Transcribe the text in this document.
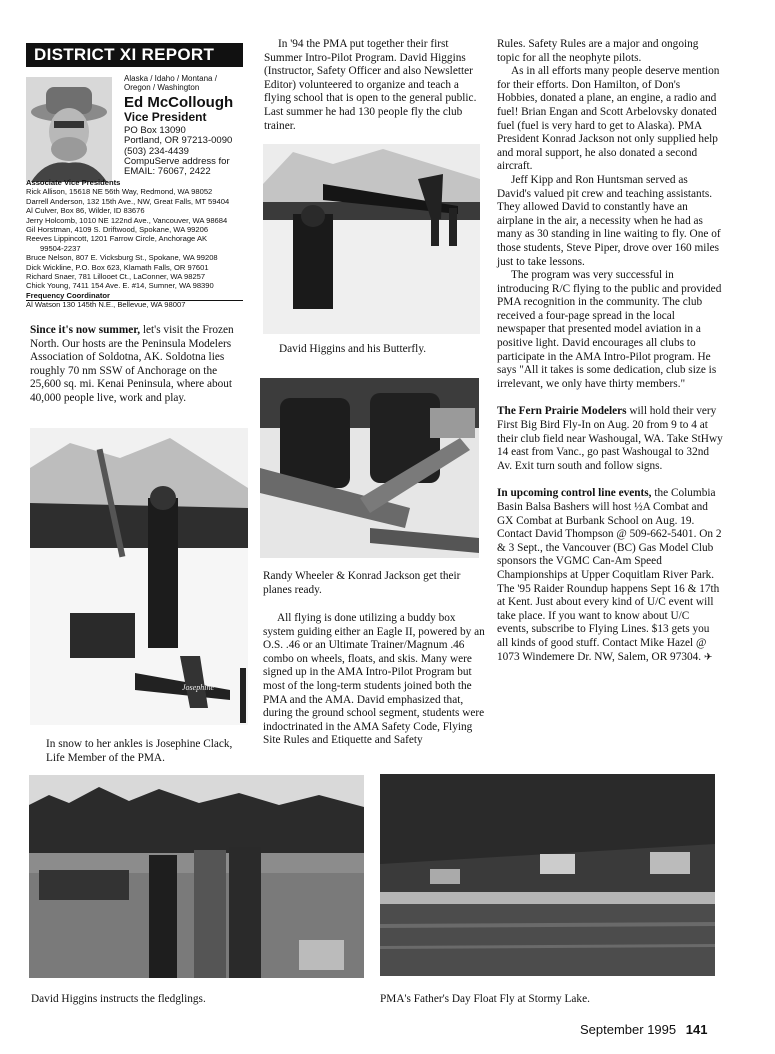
DISTRICT XI REPORT
Alaska / Idaho / Montana / Oregon / Washington
Ed McCollough
Vice President
PO Box 13090
Portland, OR 97213-0090
(503) 234-4439
CompuServe address for
EMAIL: 76067, 2422
Associate Vice Presidents
Rick Allison, 15618 NE 56th Way, Redmond, WA 98052
Darrell Anderson, 132 15th Ave., NW, Great Falls, MT 59404
Al Culver, Box 86, Wilder, ID 83676
Jerry Holcomb, 1010 NE 122nd Ave., Vancouver, WA 98684
Gil Horstman, 4109 S. Driftwood, Spokane, WA 99206
Reeves Lippincott, 1201 Farrow Circle, Anchorage AK
99504-2237
Bruce Nelson, 807 E. Vicksburg St., Spokane, WA 99208
Dick Wickline, P.O. Box 623, Klamath Falls, OR 97601
Richard Snaer, 781 Lillooet Ct., LaConner, WA 98257
Chick Young, 7411 154 Ave. E. #14, Sumner, WA 98390
Frequency Coordinator
Al Watson 130 145th N.E., Bellevue, WA 98007

Since it's now summer, let's visit the Frozen North. Our hosts are the Peninsula Modelers Association of Soldotna, AK. Soldotna lies roughly 70 nm SSW of Anchorage on the 25,600 sq. mi. Kenai Peninsula, where about 40,000 people live, work and play.

Josephine
In snow to her ankles is Josephine Clack, Life Member of the PMA.

In '94 the PMA put together their first Summer Intro-Pilot Program. David Higgins (Instructor, Safety Officer and also Newsletter Editor) volunteered to organize and teach a flying school that is open to the general public. Last summer he had 130 people fly the club trainer.

David Higgins and his Butterfly.
Randy Wheeler & Konrad Jackson get their planes ready.

All flying is done utilizing a buddy box system guiding either an Eagle II, powered by an O.S. .46 or an Ultimate Trainer/Magnum .46 combo on wheels, floats, and skis. Many were signed up in the AMA Intro-Pilot Program but most of the long-term students joined both the PMA and the AMA. David emphasized that, during the ground school segment, students were indoctrinated in the AMA Safety Code, Flying Site Rules and Etiquette and Safety

Rules. Safety Rules are a major and ongoing topic for all the neophyte pilots.

As in all efforts many people deserve mention for their efforts. Don Hamilton, of Don's Hobbies, donated a plane, an engine, a radio and fuel! Brian Engan and Scott Arbelovsky donated fuel (fuel is very hard to get to Alaska). PMA President Konrad Jackson not only supplied help and moral support, he also donated a second aircraft.

Jeff Kipp and Ron Huntsman served as David's valued pit crew and teaching assistants. They allowed David to constantly have an airplane in the air, a necessity when he had as many as 30 standing in line waiting to fly. One of those students, Steve Piper, drove over 160 miles just to take lessons.

The program was very successful in introducing R/C flying to the public and provided PMA recognition in the community. The club received a four-page spread in the local newspaper that presented model aviation in a positive light. David encourages all clubs to participate in the AMA Intro-Pilot program. He says "All it takes is some dedication, club size is irrelevant, we only have thirty members."

The Fern Prairie Modelers will hold their very First Big Bird Fly-In on Aug. 20 from 9 to 4 at their club field near Washougal, WA. Take StHwy 14 east from Vanc., go past Washougal to 32nd Av. Exit turn south and follow signs.

In upcoming control line events, the Columbia Basin Balsa Bashers will host ½A Combat and GX Combat at Burbank School on Aug. 19. Contact David Thompson @ 509-662-5401. On 2 & 3 Sept., the Vancouver (BC) Gas Model Club sponsors the VGMC Can-Am Speed Championships at Upper Coquitlam River Park. The '95 Raider Roundup happens Sept 16 & 17th at Kent. Just about every kind of U/C event will take place. If you want to know about U/C events, subscribe to Flying Lines. $13 gets you all kinds of good stuff. Contact Mike Hazel @ 1073 Windemere Dr. NW, Salem, OR 97304. ✈

David Higgins instructs the fledglings.	PMA's Father's Day Float Fly at Stormy Lake.
September 1995 141
